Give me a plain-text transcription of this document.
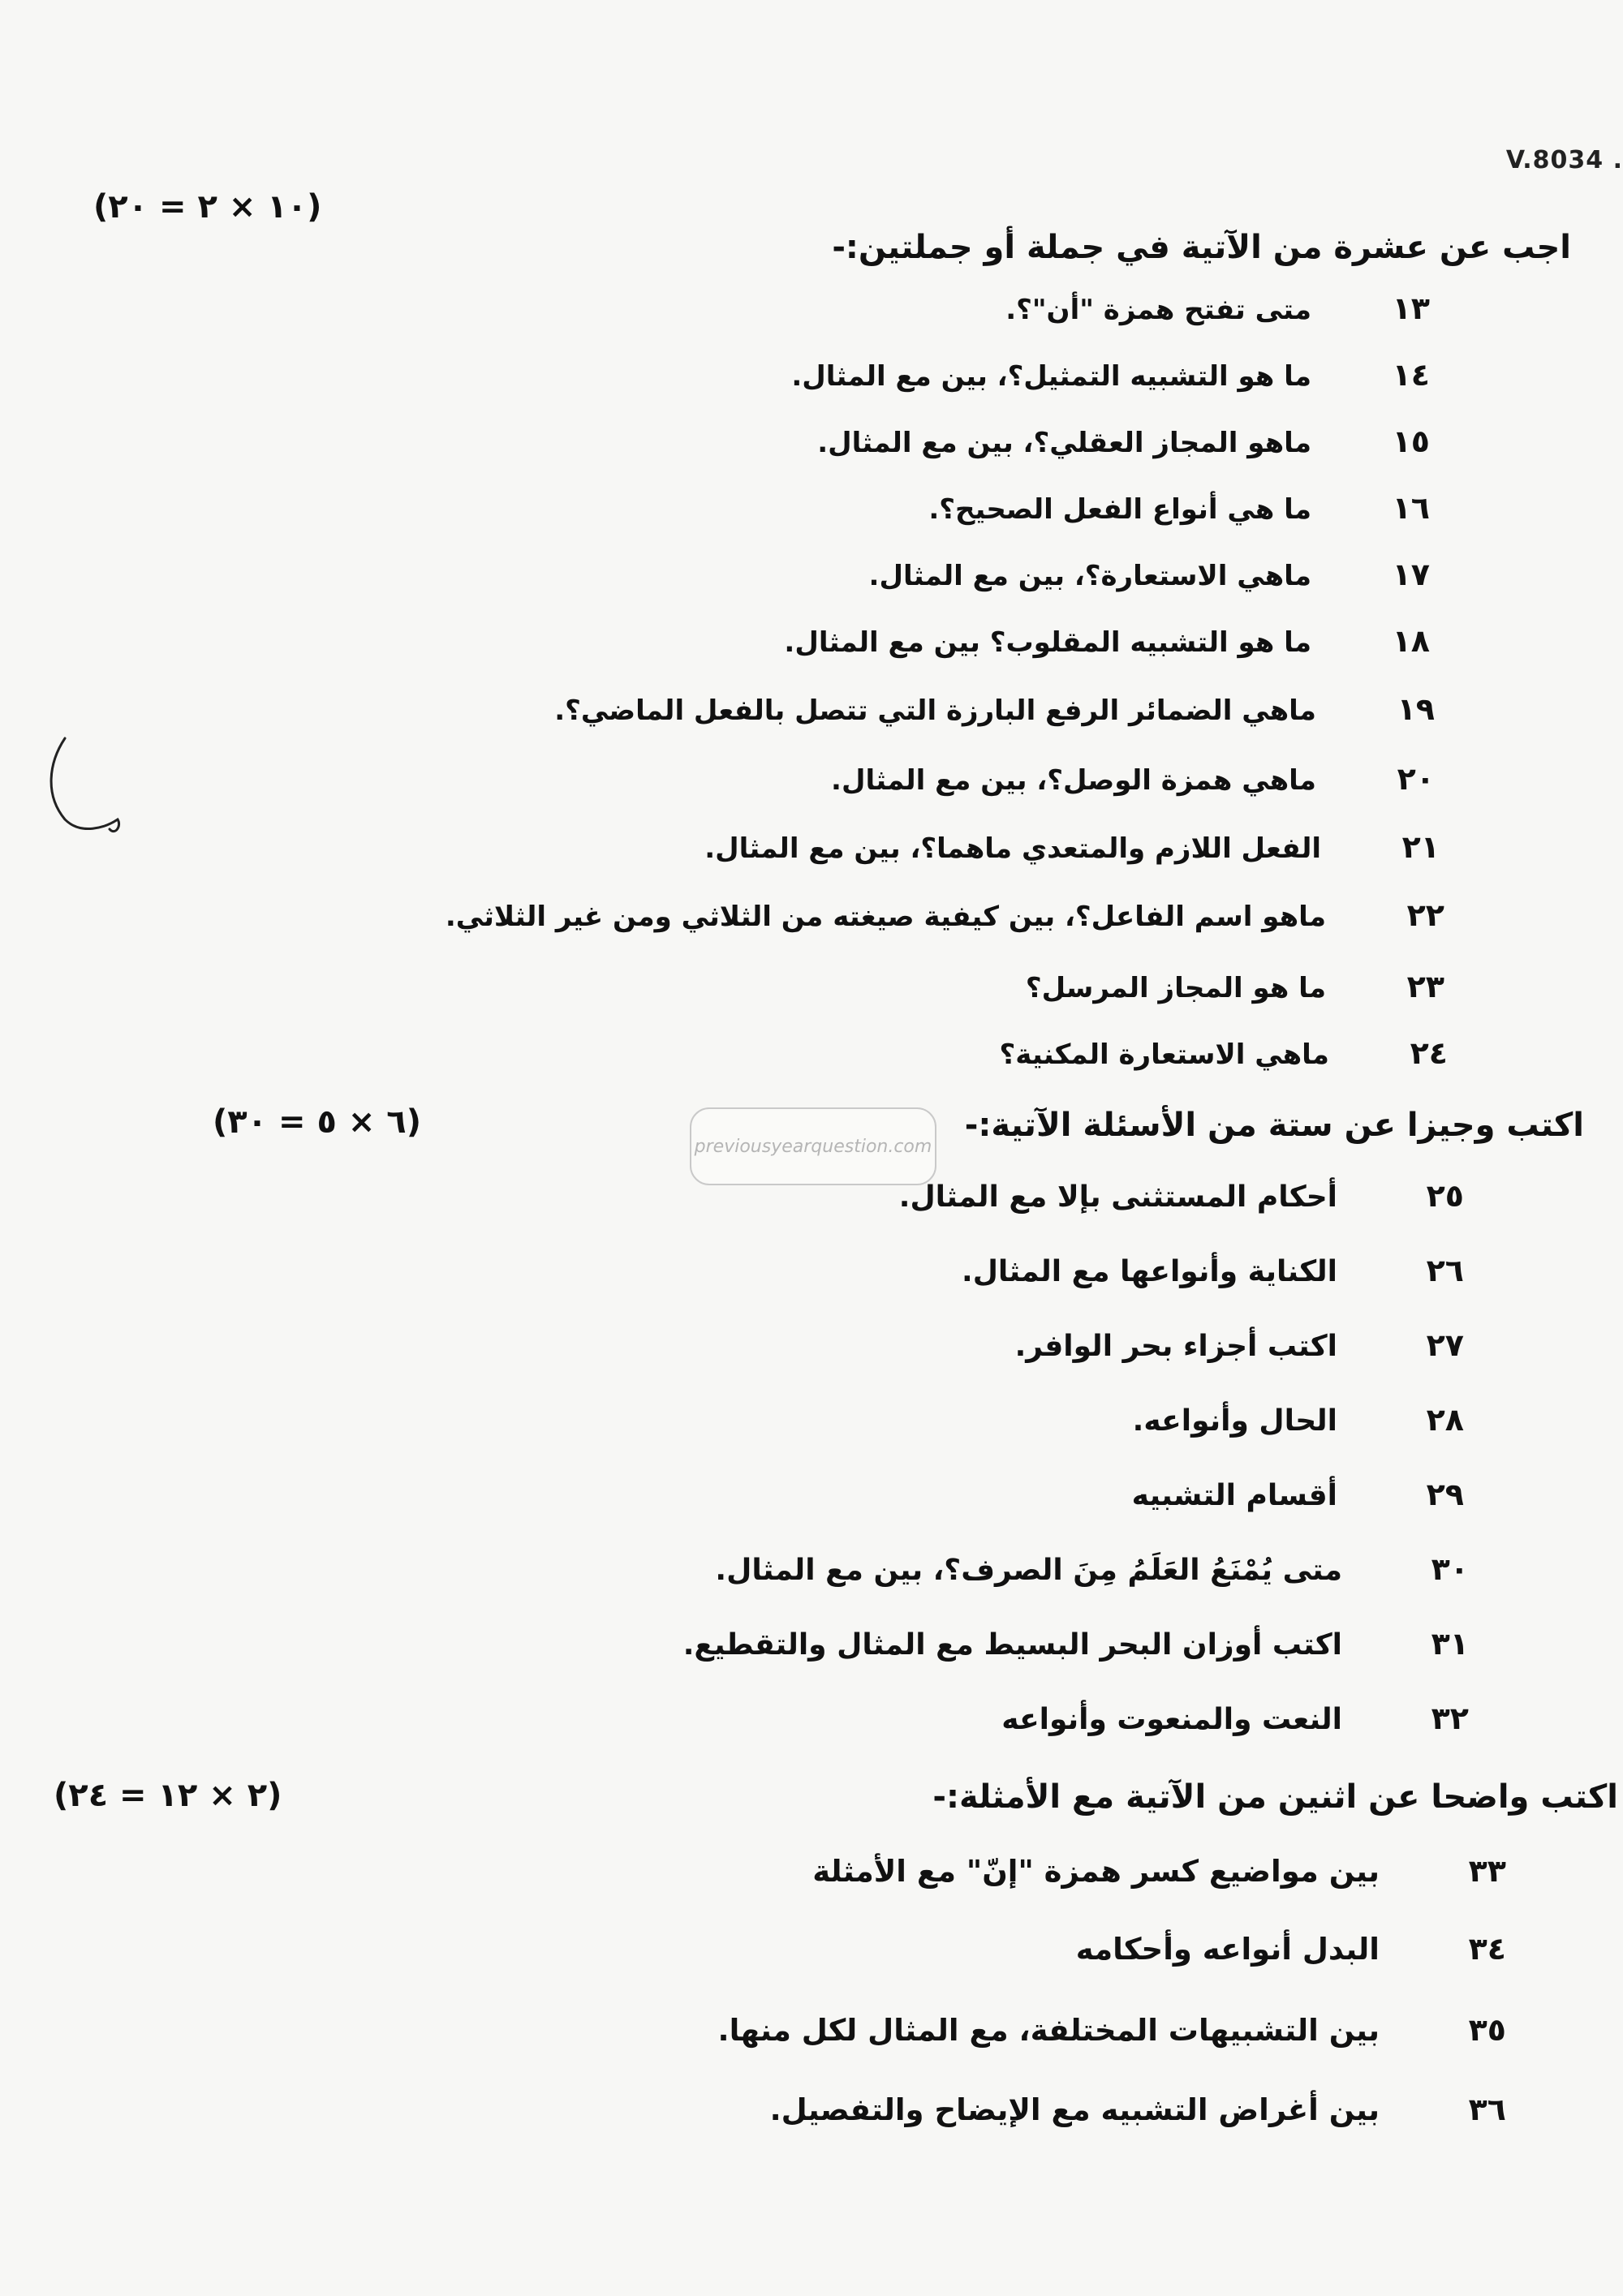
V.8034 .
(١٠ × ٢ = ٢٠)
اجب عن عشرة من الآتية في جملة أو جملتين:-
١٣
متى تفتح همزة "أن"؟.
١٤
ما هو التشبيه التمثيل؟، بين مع المثال.
١٥
ماهو المجاز العقلي؟، بين مع المثال.
١٦
ما هي أنواع الفعل الصحيح؟.
١٧
ماهي الاستعارة؟، بين مع المثال.
١٨
ما هو التشبيه المقلوب؟ بين مع المثال.
١٩
ماهي الضمائر الرفع البارزة التي تتصل بالفعل الماضي؟.
٢٠
ماهي همزة الوصل؟، بين مع المثال.
٢١
الفعل اللازم والمتعدي ماهما؟، بين مع المثال.
٢٢
ماهو اسم الفاعل؟، بين كيفية صيغته من الثلاثي ومن غير الثلاثي.
٢٣
ما هو المجاز المرسل؟
٢٤
ماهي الاستعارة المكنية؟
(٦ × ٥ = ٣٠)	اكتب وجيزا عن ستة من الأسئلة الآتية:-
previousyearquestion.com
٢٥
أحكام المستثنى بإلا مع المثال.
٢٦
الكناية وأنواعها مع المثال.
٢٧
اكتب أجزاء بحر الوافر.
٢٨
الحال وأنواعه.
٢٩
أقسام التشبيه
٣٠
متى يُمْنَعُ العَلَمُ مِنَ الصرف؟، بين مع المثال.
٣١
اكتب أوزان البحر البسيط مع المثال والتقطيع.
٣٢
النعت والمنعوت وأنواعه
(٢ × ١٢ = ٢٤)	اكتب واضحا عن اثنين من الآتية مع الأمثلة:-
٣٣
بين مواضيع كسر همزة "إنّ" مع الأمثلة
٣٤
البدل أنواعه وأحكامه
٣٥
بين التشبيهات المختلفة، مع المثال لكل منها.
٣٦
بين أغراض التشبيه مع الإيضاح والتفصيل.
